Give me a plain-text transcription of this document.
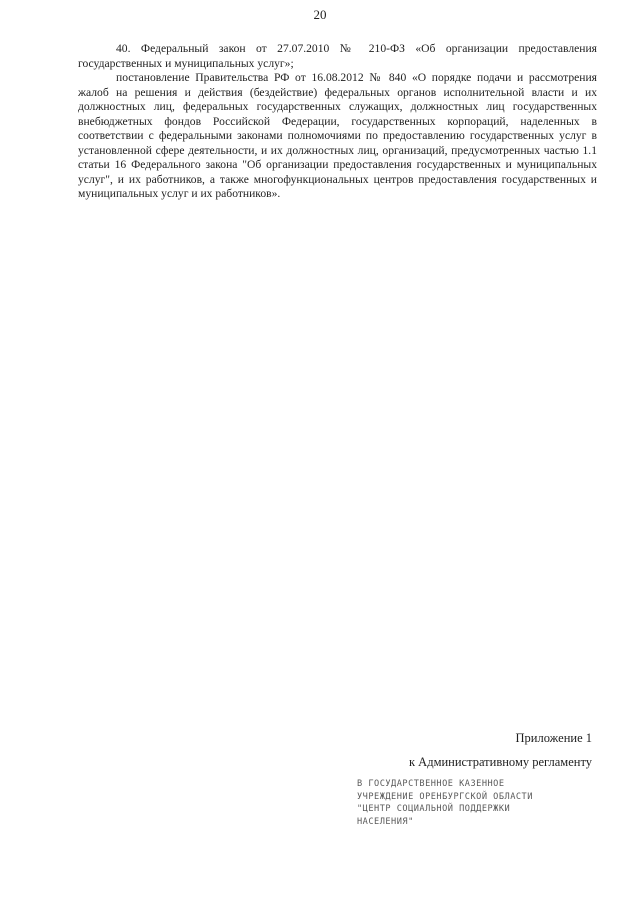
20

40. Федеральный закон от 27.07.2010 № 210-ФЗ «Об организации предоставления государственных и муниципальных услуг»;

постановление Правительства РФ от 16.08.2012 № 840 «О порядке подачи и рассмотрения жалоб на решения и действия (бездействие) федеральных органов исполнительной власти и их должностных лиц, федеральных государственных служащих, должностных лиц государственных внебюджетных фондов Российской Федерации, государственных корпораций, наделенных в соответствии с федеральными законами полномочиями по предоставлению государственных услуг в установленной сфере деятельности, и их должностных лиц, организаций, предусмотренных частью 1.1 статьи 16 Федерального закона "Об организации предоставления государственных и муниципальных услуг", и их работников, а также многофункциональных центров предоставления государственных и муниципальных услуг и их работников».

Приложение 1
к Административному регламенту
В ГОСУДАРСТВЕННОЕ КАЗЕННОЕ
УЧРЕЖДЕНИЕ ОРЕНБУРГСКОЙ ОБЛАСТИ
"ЦЕНТР СОЦИАЛЬНОЙ ПОДДЕРЖКИ
НАСЕЛЕНИЯ"
